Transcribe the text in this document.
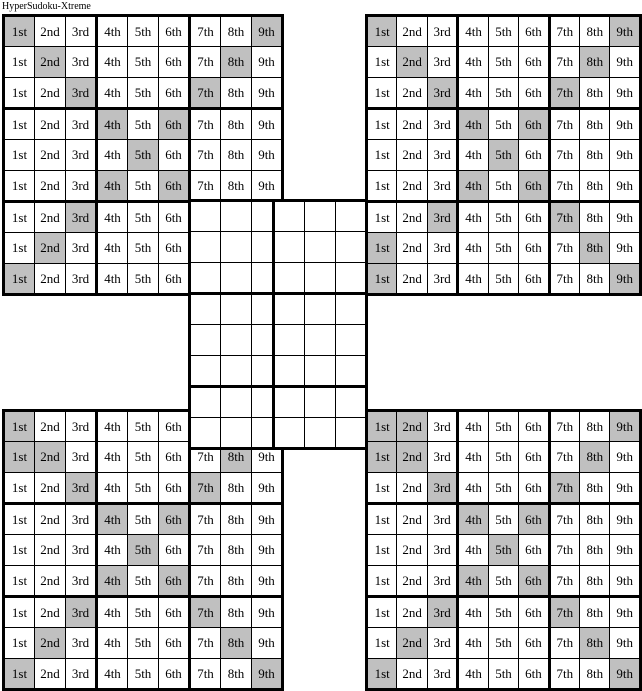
HyperSudoku-Xtreme
1st	2nd	3rd	4th	5th	6th	7th	8th	9th
1st	2nd	3rd	4th	5th	6th	7th	8th	9th
1st	2nd	3rd	4th	5th	6th	7th	8th	9th
1st	2nd	3rd	4th	5th	6th	7th	8th	9th
1st	2nd	3rd	4th	5th	6th	7th	8th	9th
1st	2nd	3rd	4th	5th	6th	7th	8th	9th
1st	2nd	3rd	4th	5th	6th			
1st	2nd	3rd	4th	5th	6th			
1st	2nd	3rd	4th	5th	6th			
1st	2nd	3rd	4th	5th	6th	7th	8th	9th
1st	2nd	3rd	4th	5th	6th	7th	8th	9th
1st	2nd	3rd	4th	5th	6th	7th	8th	9th
1st	2nd	3rd	4th	5th	6th	7th	8th	9th
1st	2nd	3rd	4th	5th	6th	7th	8th	9th
1st	2nd	3rd	4th	5th	6th	7th	8th	9th
1st	2nd	3rd	4th	5th	6th	7th	8th	9th
1st	2nd	3rd	4th	5th	6th	7th	8th	9th
1st	2nd	3rd	4th	5th	6th	7th	8th	9th
1st	2nd	3rd	4th	5th	6th			
1st	2nd	3rd	4th	5th	6th	7th	8th	9th
1st	2nd	3rd	4th	5th	6th	7th	8th	9th
1st	2nd	3rd	4th	5th	6th	7th	8th	9th
1st	2nd	3rd	4th	5th	6th	7th	8th	9th
1st	2nd	3rd	4th	5th	6th	7th	8th	9th
1st	2nd	3rd	4th	5th	6th	7th	8th	9th
1st	2nd	3rd	4th	5th	6th	7th	8th	9th
1st	2nd	3rd	4th	5th	6th	7th	8th	9th
1st	2nd	3rd	4th	5th	6th	7th	8th	9th
1st	2nd	3rd	4th	5th	6th	7th	8th	9th
1st	2nd	3rd	4th	5th	6th	7th	8th	9th
1st	2nd	3rd	4th	5th	6th	7th	8th	9th
1st	2nd	3rd	4th	5th	6th	7th	8th	9th
1st	2nd	3rd	4th	5th	6th	7th	8th	9th
1st	2nd	3rd	4th	5th	6th	7th	8th	9th
1st	2nd	3rd	4th	5th	6th	7th	8th	9th
1st	2nd	3rd	4th	5th	6th	7th	8th	9th
